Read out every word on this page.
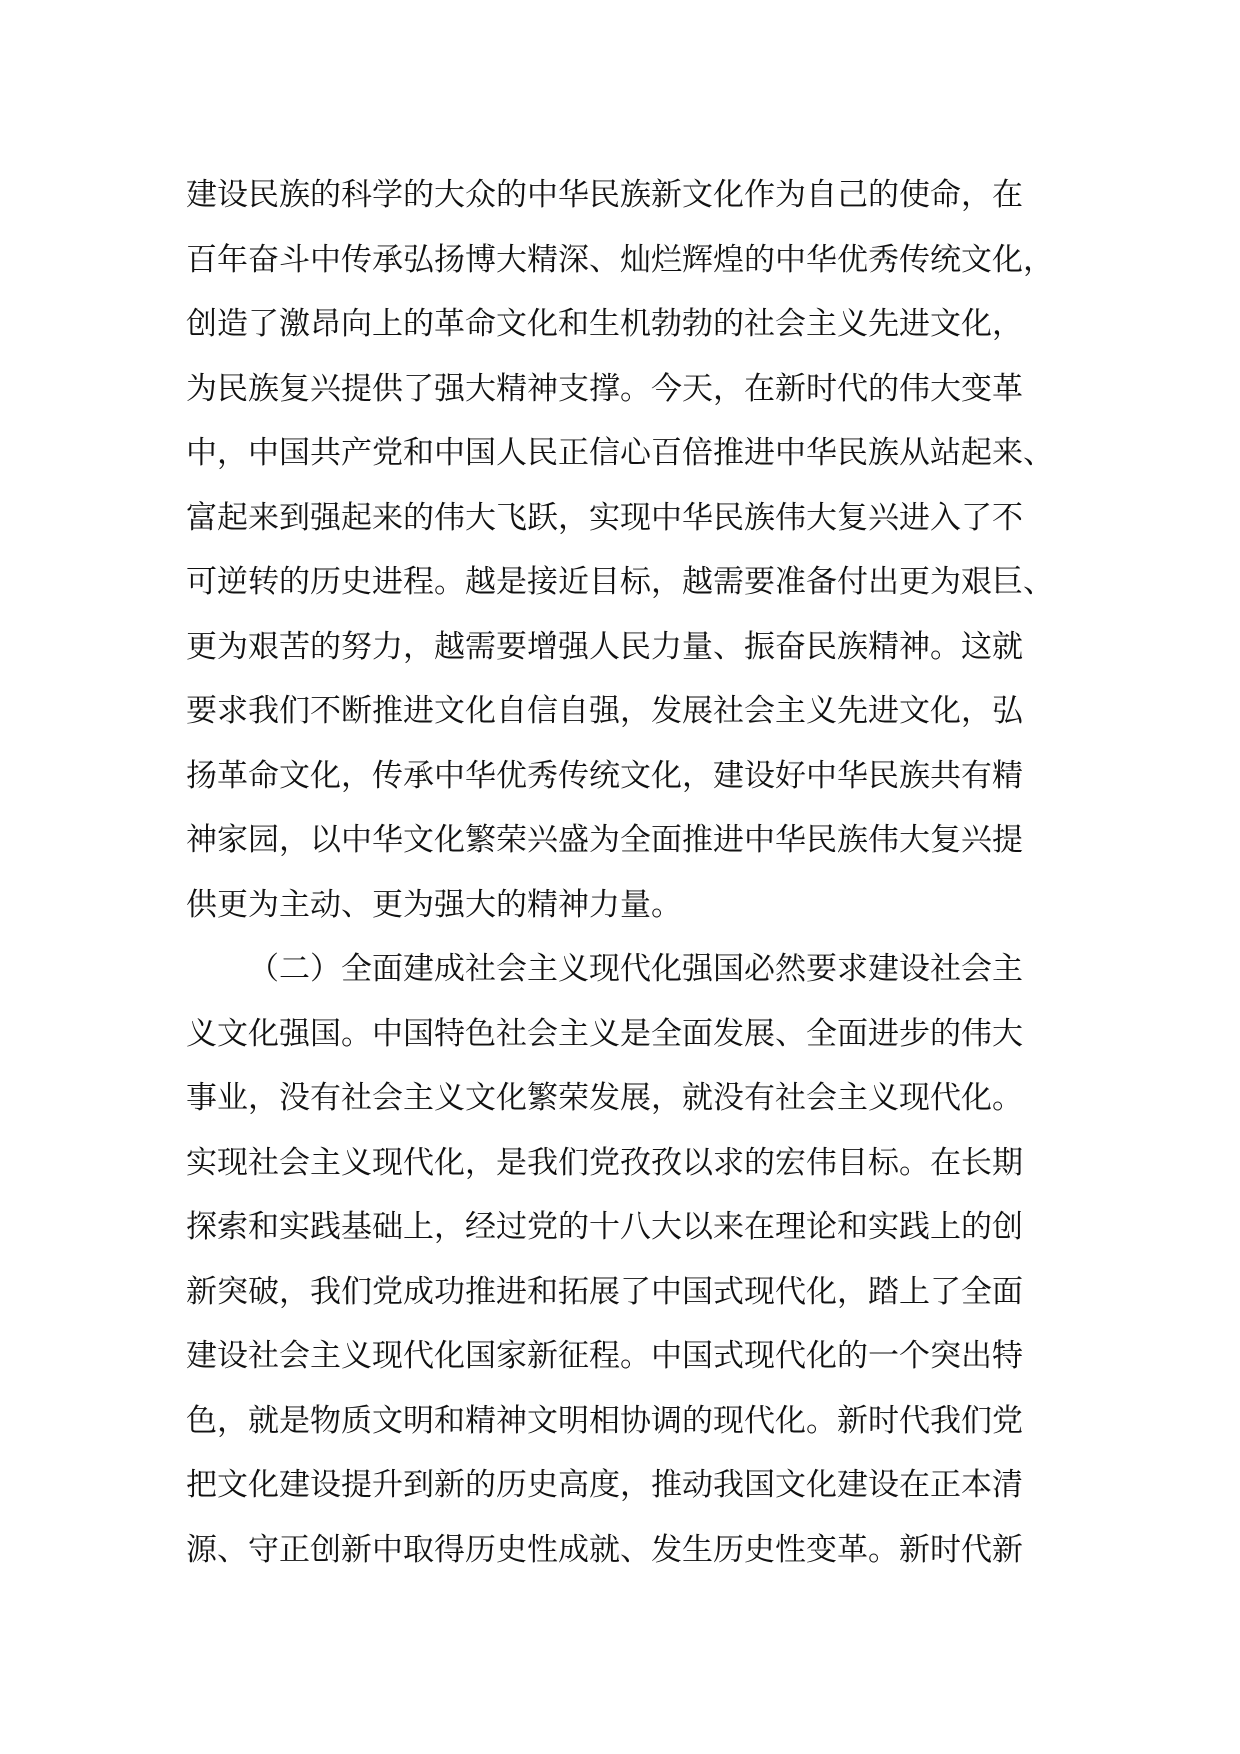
建设民族的科学的大众的中华民族新文化作为自己的使命，在
百年奋斗中传承弘扬博大精深、灿烂辉煌的中华优秀传统文化，
创造了激昂向上的革命文化和生机勃勃的社会主义先进文化，
为民族复兴提供了强大精神支撑。今天，在新时代的伟大变革
中，中国共产党和中国人民正信心百倍推进中华民族从站起来、
富起来到强起来的伟大飞跃，实现中华民族伟大复兴进入了不
可逆转的历史进程。越是接近目标，越需要准备付出更为艰巨、
更为艰苦的努力，越需要增强人民力量、振奋民族精神。这就
要求我们不断推进文化自信自强，发展社会主义先进文化，弘
扬革命文化，传承中华优秀传统文化，建设好中华民族共有精
神家园，以中华文化繁荣兴盛为全面推进中华民族伟大复兴提
供更为主动、更为强大的精神力量。
（二）全面建成社会主义现代化强国必然要求建设社会主
义文化强国。中国特色社会主义是全面发展、全面进步的伟大
事业，没有社会主义文化繁荣发展，就没有社会主义现代化。
实现社会主义现代化，是我们党孜孜以求的宏伟目标。在长期
探索和实践基础上，经过党的十八大以来在理论和实践上的创
新突破，我们党成功推进和拓展了中国式现代化，踏上了全面
建设社会主义现代化国家新征程。中国式现代化的一个突出特
色，就是物质文明和精神文明相协调的现代化。新时代我们党
把文化建设提升到新的历史高度，推动我国文化建设在正本清
源、守正创新中取得历史性成就、发生历史性变革。新时代新
